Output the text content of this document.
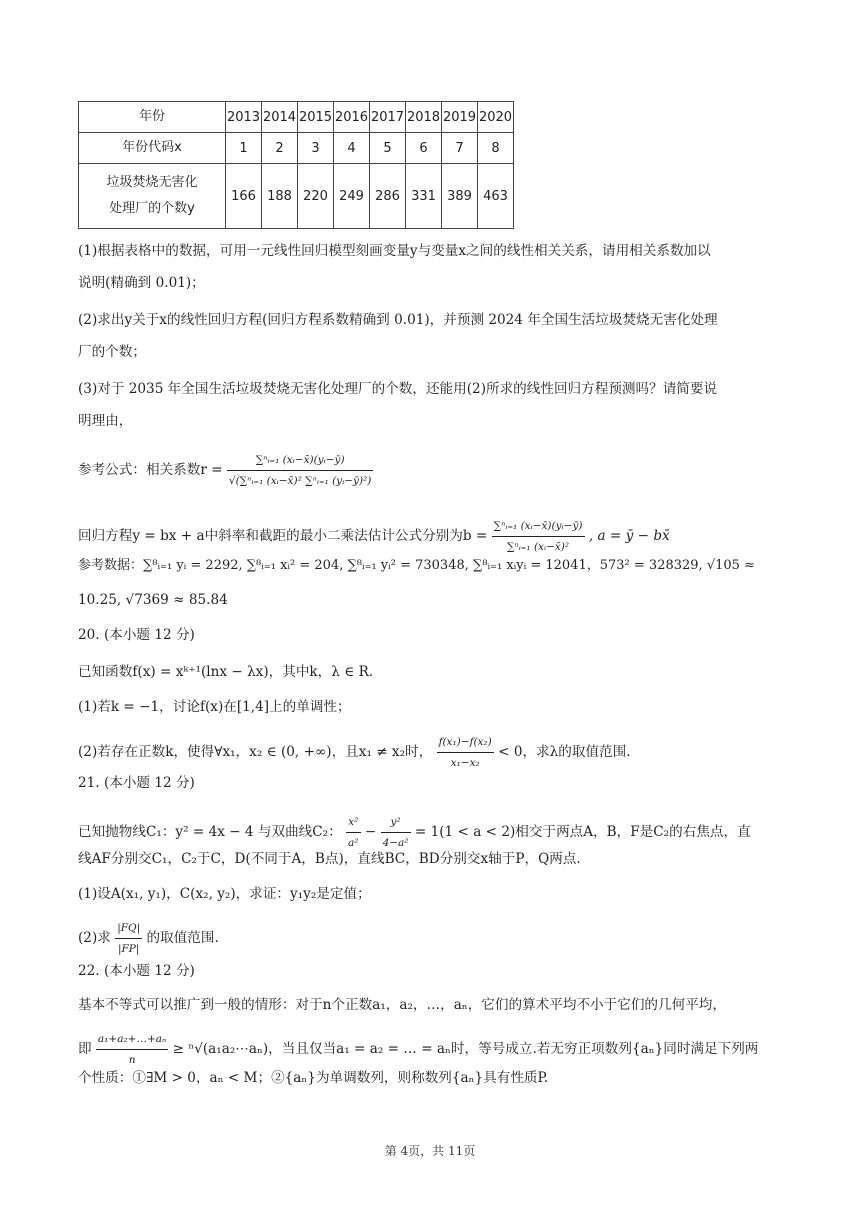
年份	2013	2014	2015	2016	2017	2018	2019	2020
年份代码x	1	2	3	4	5	6	7	8

垃圾焚烧无害化
处理厂的个数y	166	188	220	249	286	331	389	463
(1)根据表格中的数据，可用一元线性回归模型刻画变量y与变量x之间的线性相关关系，请用相关系数加以
说明(精确到 0.01)；
(2)求出y关于x的线性回归方程(回归方程系数精确到 0.01)，并预测 2024 年全国生活垃圾焚烧无害化处理
厂的个数；
(3)对于 2035 年全国生活垃圾焚烧无害化处理厂的个数，还能用(2)所求的线性回归方程预测吗？请简要说
明理由，
参考公式：相关系数$r = \frac{\text{∑ⁿᵢ₌₁ (xᵢ−x̄)(yᵢ−ȳ)}}{\text{√(∑ⁿᵢ₌₁ (xᵢ−x̄)² ∑ⁿᵢ₌₁ (yᵢ−ȳ)²)}}$
回归方程y = bx + a中斜率和截距的最小二乘法估计公式分别为$b = \frac{\text{∑ⁿᵢ₌₁ (xᵢ−x̄)(yᵢ−ȳ)}}{\text{∑ⁿᵢ₌₁ (xᵢ−x̄)²}}$ , a = ȳ − bx̄
参考数据：∑⁸ᵢ₌₁ yᵢ = 2292, ∑⁸ᵢ₌₁ xᵢ² = 204, ∑⁸ᵢ₌₁ yᵢ² = 730348, ∑⁸ᵢ₌₁ xᵢyᵢ = 12041，573² = 328329, √105 ≈
10.25, √7369 ≈ 85.84
20. (本小题 12 分)
已知函数f(x) = xᵏ⁺¹(lnx − λx)，其中k，λ ∈ R.
(1)若k = −1，讨论f(x)在[1,4]上的单调性；
(2)若存在正数k，使得∀x₁，x₂ ∈ (0, +∞)，且x₁ ≠ x₂时， $\frac{\text{f(x₁)−f(x₂)}}{\text{x₁−x₂}} < 0$，求λ的取值范围.
21. (本小题 12 分)
已知抛物线C₁：y² = 4x − 4 与双曲线C₂： $\frac{\text{x²}}{\text{a²}} - \frac{\text{y²}}{\text{4−a²}} = 1(1 < a < 2)$相交于两点A，B，F是C₂的右焦点，直
线AF分别交C₁，C₂于C，D(不同于A，B点)，直线BC，BD分别交x轴于P，Q两点.
(1)设A(x₁, y₁)，C(x₂, y₂)，求证：y₁y₂是定值；
(2)求 $\frac{|FQ|}{|FP|}$ 的取值范围.
22. (本小题 12 分)
基本不等式可以推广到一般的情形：对于n个正数a₁，a₂，…，aₙ，它们的算术平均不小于它们的几何平均，
即 $\frac{\text{a₁+a₂+…+aₙ}}{n}$ ≥ ⁿ√(a₁a₂⋯aₙ)，当且仅当a₁ = a₂ = … = aₙ时，等号成立.若无穷正项数列{aₙ}同时满足下列两
个性质：①∃M > 0，aₙ < M；②{aₙ}为单调数列，则称数列{aₙ}具有性质P.
第 4页，共 11页
